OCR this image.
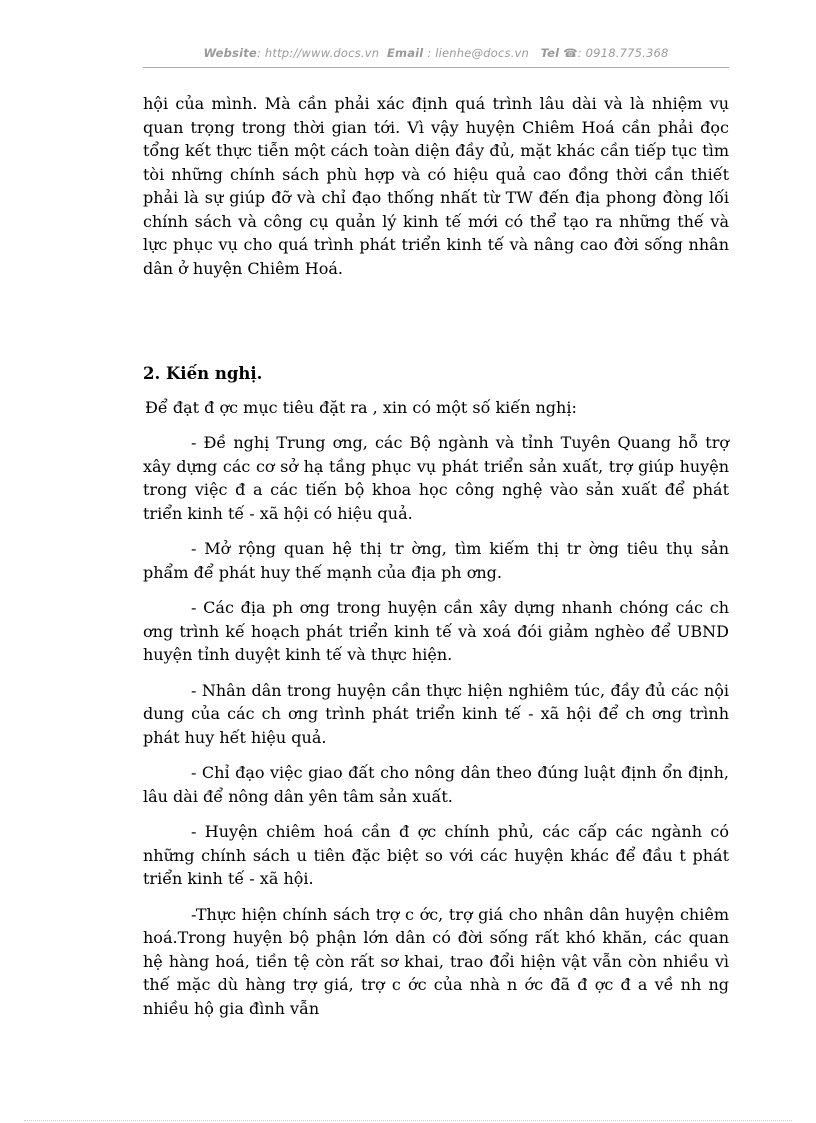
Website: http://www.docs.vn Email : lienhe@docs.vn Tel ☎: 0918.775.368

hội của mình. Mà cần phải xác định quá trình lâu dài và là nhiệm vụ quan trọng trong thời gian tới. Vì vậy huyện Chiêm Hoá cần phải đọc tổng kết thực tiễn một cách toàn diện đầy đủ, mặt khác cần tiếp tục tìm tòi những chính sách phù hợp và có hiệu quả cao đồng thời cần thiết phải là sự giúp đỡ và chỉ đạo thống nhất từ TW đến địa phong đòng lối chính sách và công cụ quản lý kinh tế mới có thể tạo ra những thế và lực phục vụ cho quá trình phát triển kinh tế và nâng cao đời sống nhân dân ở huyện Chiêm Hoá.

2. Kiến nghị.

Để đạt đ ợc mục tiêu đặt ra , xin có một số kiến nghị:

- Đề nghị Trung ơng, các Bộ ngành và tỉnh Tuyên Quang hỗ trợ xây dựng các cơ sở hạ tầng phục vụ phát triển sản xuất, trợ giúp huyện trong việc đ a các tiến bộ khoa học công nghệ vào sản xuất để phát triển kinh tế - xã hội có hiệu quả.

- Mở rộng quan hệ thị tr ờng, tìm kiếm thị tr ờng tiêu thụ sản phẩm để phát huy thế mạnh của địa ph ơng.

- Các địa ph ơng trong huyện cần xây dựng nhanh chóng các ch ơng trình kế hoạch phát triển kinh tế và xoá đói giảm nghèo để UBND huyện tỉnh duyệt kinh tế và thực hiện.

- Nhân dân trong huyện cần thực hiện nghiêm túc, đầy đủ các nội dung của các ch ơng trình phát triển kinh tế - xã hội để ch ơng trình phát huy hết hiệu quả.

- Chỉ đạo việc giao đất cho nông dân theo đúng luật định ổn định, lâu dài để nông dân yên tâm sản xuất.

- Huyện chiêm hoá cần đ ợc chính phủ, các cấp các ngành có những chính sách u tiên đặc biệt so với các huyện khác để đầu t phát triển kinh tế - xã hội.

-Thực hiện chính sách trợ c ớc, trợ giá cho nhân dân huyện chiêm hoá.Trong huyện bộ phận lớn dân có đời sống rất khó khăn, các quan hệ hàng hoá, tiền tệ còn rất sơ khai, trao đổi hiện vật vẫn còn nhiều vì thế mặc dù hàng trợ giá, trợ c ớc của nhà n ớc đã đ ợc đ a về nh ng nhiều hộ gia đình vẫn
